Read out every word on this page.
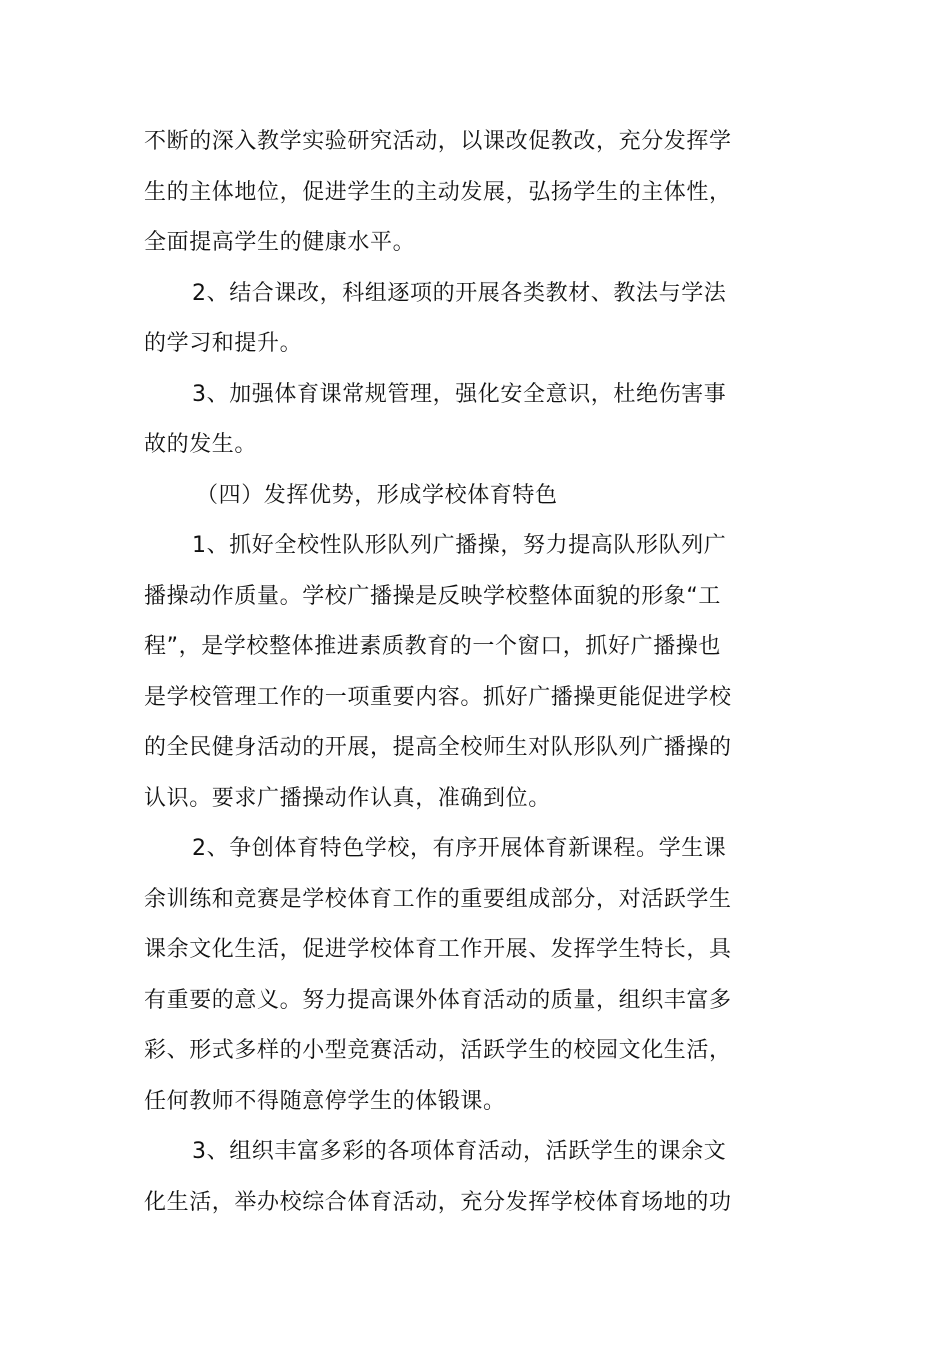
不断的深入教学实验研究活动，以课改促教改，充分发挥学
生的主体地位，促进学生的主动发展，弘扬学生的主体性，
全面提高学生的健康水平。
2、结合课改，科组逐项的开展各类教材、教法与学法
的学习和提升。
3、加强体育课常规管理，强化安全意识，杜绝伤害事
故的发生。
（四）发挥优势，形成学校体育特色
1、抓好全校性队形队列广播操，努力提高队形队列广
播操动作质量。学校广播操是反映学校整体面貌的形象“工
程”，是学校整体推进素质教育的一个窗口，抓好广播操也
是学校管理工作的一项重要内容。抓好广播操更能促进学校
的全民健身活动的开展，提高全校师生对队形队列广播操的
认识。要求广播操动作认真，准确到位。
2、争创体育特色学校，有序开展体育新课程。学生课
余训练和竞赛是学校体育工作的重要组成部分，对活跃学生
课余文化生活，促进学校体育工作开展、发挥学生特长，具
有重要的意义。努力提高课外体育活动的质量，组织丰富多
彩、形式多样的小型竞赛活动，活跃学生的校园文化生活，
任何教师不得随意停学生的体锻课。
3、组织丰富多彩的各项体育活动，活跃学生的课余文
化生活，举办校综合体育活动，充分发挥学校体育场地的功
